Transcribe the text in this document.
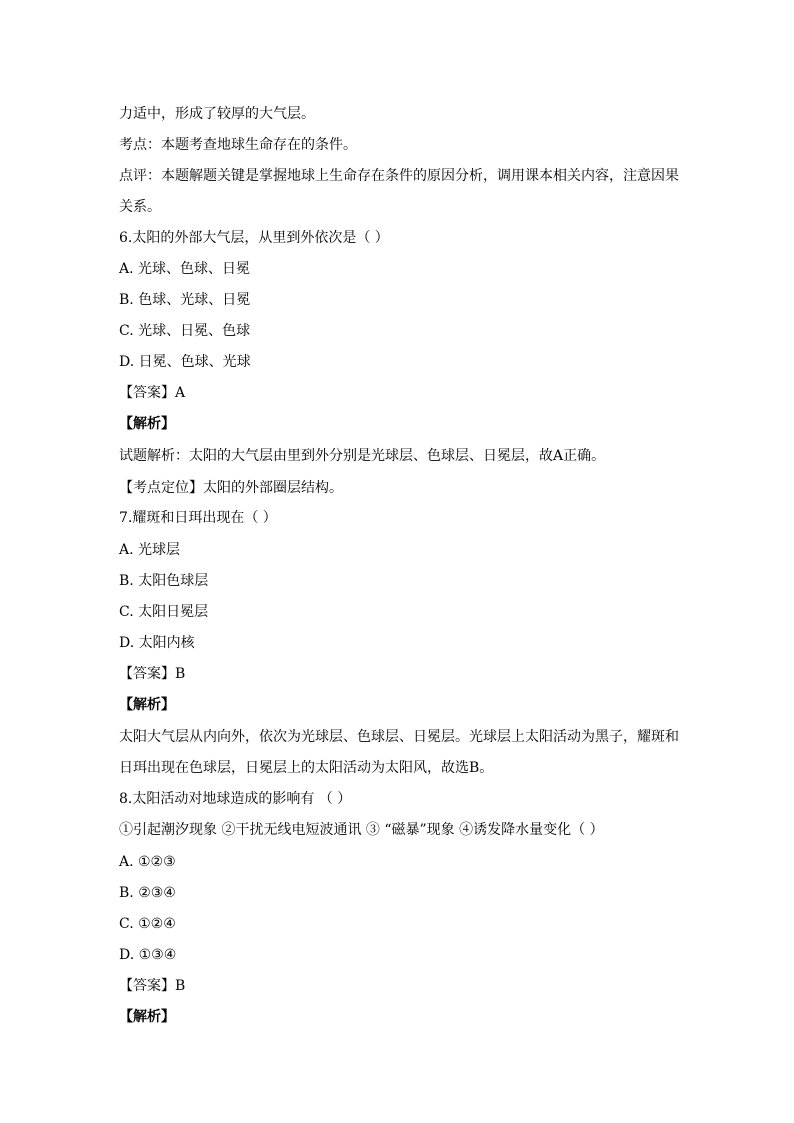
力适中，形成了较厚的大气层。
考点：本题考查地球生命存在的条件。
点评：本题解题关键是掌握地球上生命存在条件的原因分析，调用课本相关内容，注意因果
关系。
6.太阳的外部大气层，从里到外依次是（ ）
A. 光球、色球、日冕
B. 色球、光球、日冕
C. 光球、日冕、色球
D. 日冕、色球、光球
【答案】A
【解析】
试题解析：太阳的大气层由里到外分别是光球层、色球层、日冕层，故A正确。
【考点定位】太阳的外部圈层结构。
7.耀斑和日珥出现在（ ）
A. 光球层
B. 太阳色球层
C. 太阳日冕层
D. 太阳内核
【答案】B
【解析】
太阳大气层从内向外，依次为光球层、色球层、日冕层。光球层上太阳活动为黑子，耀斑和
日珥出现在色球层，日冕层上的太阳活动为太阳风，故选B。
8.太阳活动对地球造成的影响有 （ ）
①引起潮汐现象 ②干扰无线电短波通讯 ③ “磁暴”现象 ④诱发降水量变化（ ）
A. ①②③
B. ②③④
C. ①②④
D. ①③④
【答案】B
【解析】
